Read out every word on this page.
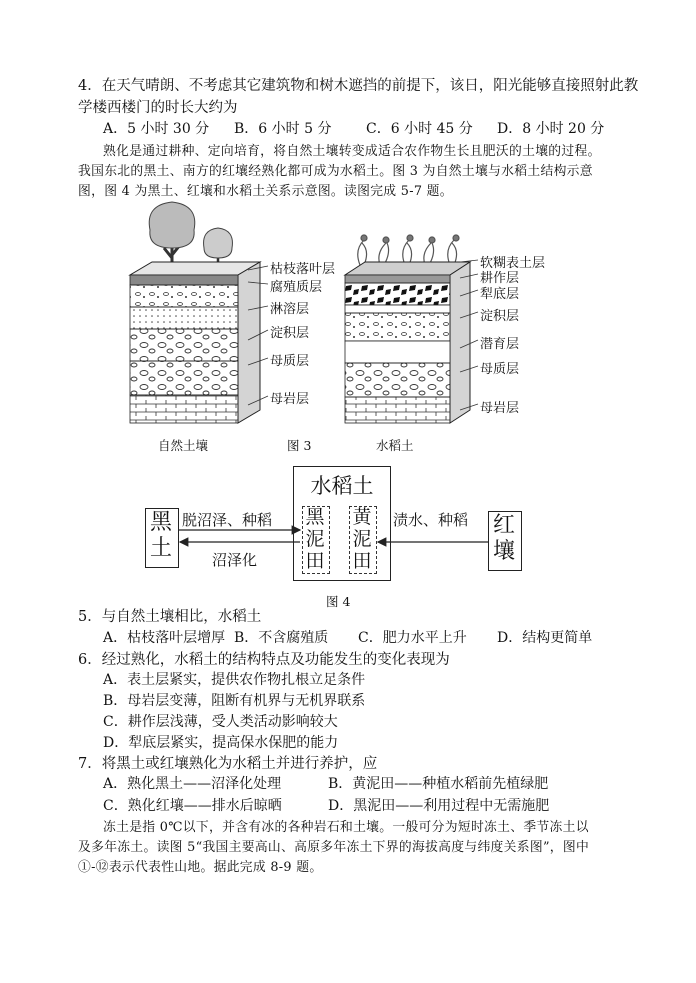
4．在天气晴朗、不考虑其它建筑物和树木遮挡的前提下，该日，阳光能够直接照射此教
学楼西楼门的时长大约为
A．5 小时 30 分 B．6 小时 5 分 C．6 小时 45 分 D．8 小时 20 分
熟化是通过耕种、定向培育，将自然土壤转变成适合农作物生长且肥沃的土壤的过程。
我国东北的黑土、南方的红壤经熟化都可成为水稻土。图 3 为自然土壤与水稻土结构示意
图，图 4 为黑土、红壤和水稻土关系示意图。读图完成 5-7 题。
枯枝落叶层
腐殖质层
淋溶层
淀积层
母质层
母岩层
软糊表土层
耕作层
犁底层
淀积层
潜育层
母质层
母岩层
自然土壤	图 3	水稻土
水稻土
黑
土
红
壤
黑
泥
田
黄
泥
田
脱沼泽、种稻
沼泽化
渍水、种稻
图 4
5．与自然土壤相比，水稻土
A．枯枝落叶层增厚 B．不含腐殖质 C．肥力水平上升 D．结构更简单
6．经过熟化，水稻土的结构特点及功能发生的变化表现为
A．表土层紧实，提供农作物扎根立足条件
B．母岩层变薄，阻断有机界与无机界联系
C．耕作层浅薄，受人类活动影响较大
D．犁底层紧实，提高保水保肥的能力
7．将黑土或红壤熟化为水稻土并进行养护，应
A．熟化黑土——沼泽化处理	B．黄泥田——种植水稻前先植绿肥
C．熟化红壤——排水后晾晒	D．黑泥田——利用过程中无需施肥
冻土是指 0℃以下，并含有冰的各种岩石和土壤。一般可分为短时冻土、季节冻土以
及多年冻土。读图 5“我国主要高山、高原多年冻土下界的海拔高度与纬度关系图”，图中
①-⑫表示代表性山地。据此完成 8-9 题。
